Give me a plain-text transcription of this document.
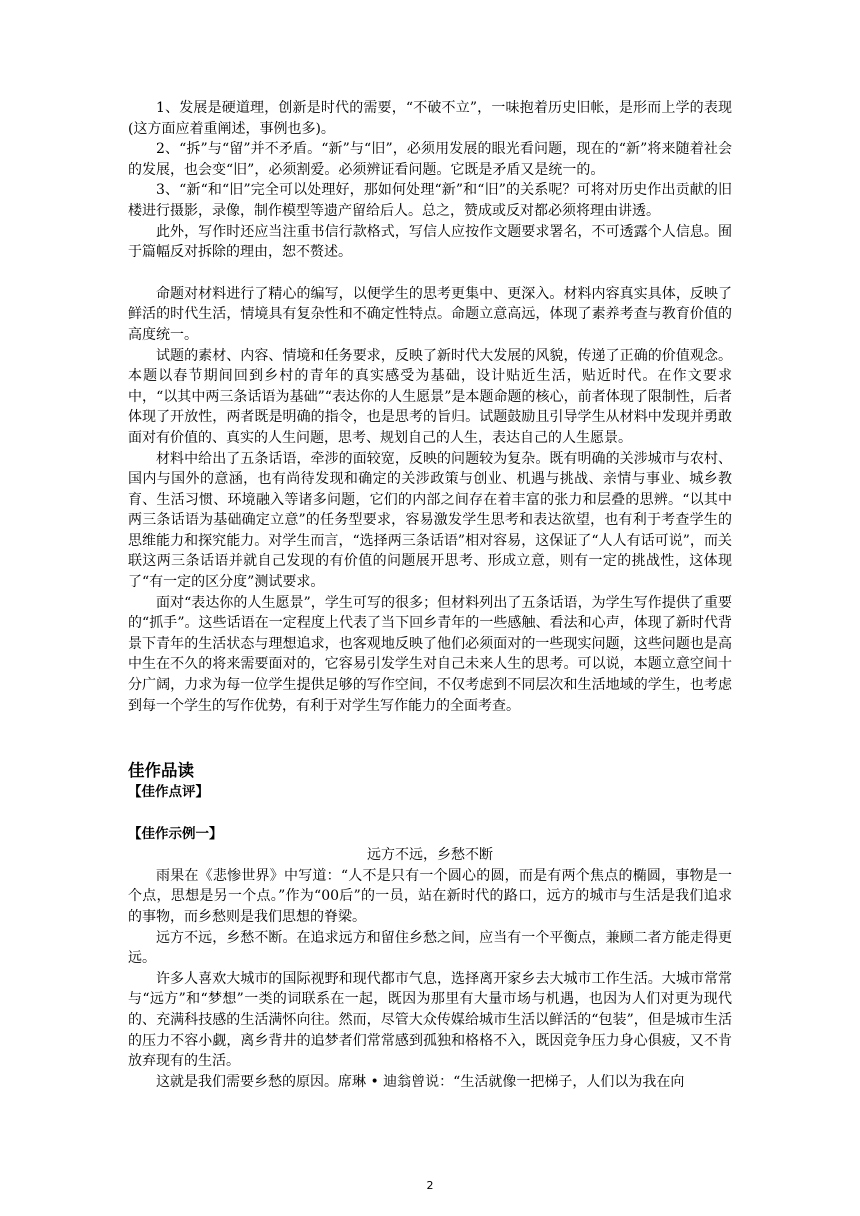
1、发展是硬道理，创新是时代的需要，“不破不立”，一味抱着历史旧帐，是形而上学的表现(这方面应着重阐述，事例也多)。

2、“拆”与“留”并不矛盾。“新”与“旧”，必须用发展的眼光看问题，现在的“新”将来随着社会的发展，也会变“旧”，必须割爱。必须辨证看问题。它既是矛盾又是统一的。

3、“新“和“旧”完全可以处理好，那如何处理“新”和“旧”的关系呢？可将对历史作出贡献的旧楼进行摄影，录像，制作模型等遗产留给后人。总之，赞成或反对都必须将理由讲透。

此外，写作时还应当注重书信行款格式，写信人应按作文题要求署名，不可透露个人信息。囿于篇幅反对拆除的理由，恕不赘述。

命题对材料进行了精心的编写，以便学生的思考更集中、更深入。材料内容真实具体，反映了鲜活的时代生活，情境具有复杂性和不确定性特点。命题立意高远，体现了素养考查与教育价值的高度统一。

试题的素材、内容、情境和任务要求，反映了新时代大发展的风貌，传递了正确的价值观念。本题以春节期间回到乡村的青年的真实感受为基础，设计贴近生活，贴近时代。在作文要求中，“以其中两三条话语为基础”“表达你的人生愿景”是本题命题的核心，前者体现了限制性，后者体现了开放性，两者既是明确的指令，也是思考的旨归。试题鼓励且引导学生从材料中发现并勇敢面对有价值的、真实的人生问题，思考、规划自己的人生，表达自己的人生愿景。

材料中给出了五条话语，牵涉的面较宽，反映的问题较为复杂。既有明确的关涉城市与农村、国内与国外的意涵，也有尚待发现和确定的关涉政策与创业、机遇与挑战、亲情与事业、城乡教育、生活习惯、环境融入等诸多问题，它们的内部之间存在着丰富的张力和层叠的思辨。“以其中两三条话语为基础确定立意”的任务型要求，容易激发学生思考和表达欲望，也有利于考查学生的思维能力和探究能力。对学生而言，“选择两三条话语”相对容易，这保证了“人人有话可说”，而关联这两三条话语并就自己发现的有价值的问题展开思考、形成立意，则有一定的挑战性，这体现了“有一定的区分度”测试要求。

面对“表达你的人生愿景”，学生可写的很多；但材料列出了五条话语，为学生写作提供了重要的“抓手”。这些话语在一定程度上代表了当下回乡青年的一些感触、看法和心声，体现了新时代背景下青年的生活状态与理想追求，也客观地反映了他们必须面对的一些现实问题，这些问题也是高中生在不久的将来需要面对的，它容易引发学生对自己未来人生的思考。可以说，本题立意空间十分广阔，力求为每一位学生提供足够的写作空间，不仅考虑到不同层次和生活地域的学生，也考虑到每一个学生的写作优势，有利于对学生写作能力的全面考查。

佳作品读
【佳作点评】
【佳作示例一】

远方不远，乡愁不断

雨果在《悲惨世界》中写道：“人不是只有一个圆心的圆，而是有两个焦点的椭圆，事物是一个点，思想是另一个点。”作为“00后”的一员，站在新时代的路口，远方的城市与生活是我们追求的事物，而乡愁则是我们思想的脊梁。

远方不远，乡愁不断。在追求远方和留住乡愁之间，应当有一个平衡点，兼顾二者方能走得更远。

许多人喜欢大城市的国际视野和现代都市气息，选择离开家乡去大城市工作生活。大城市常常与“远方”和“梦想”一类的词联系在一起，既因为那里有大量市场与机遇，也因为人们对更为现代的、充满科技感的生活满怀向往。然而，尽管大众传媒给城市生活以鲜活的“包装”，但是城市生活的压力不容小觑，离乡背井的追梦者们常常感到孤独和格格不入，既因竞争压力身心俱疲，又不肯放弃现有的生活。

这就是我们需要乡愁的原因。席琳 • 迪翁曾说：“生活就像一把梯子，人们以为我在向

2
